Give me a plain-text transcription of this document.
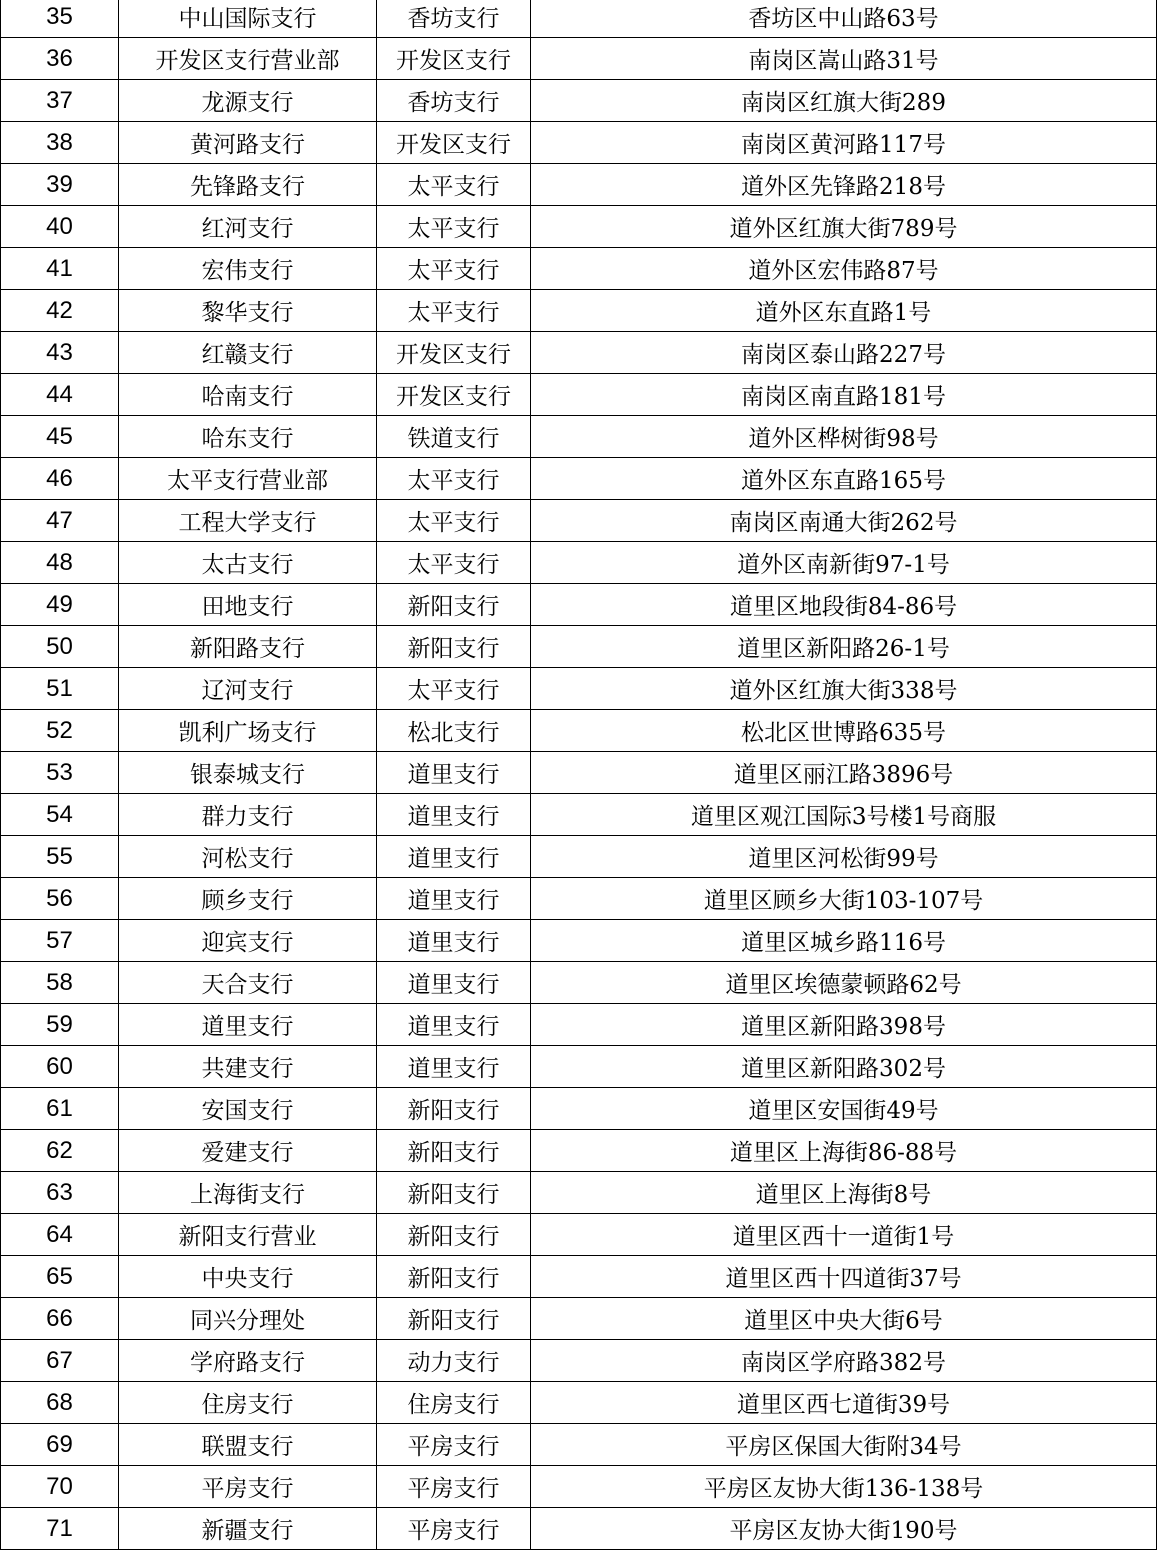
35	中山国际支行	香坊支行	香坊区中山路63号
36	开发区支行营业部	开发区支行	南岗区嵩山路31号
37	龙源支行	香坊支行	南岗区红旗大街289
38	黄河路支行	开发区支行	南岗区黄河路117号
39	先锋路支行	太平支行	道外区先锋路218号
40	红河支行	太平支行	道外区红旗大街789号
41	宏伟支行	太平支行	道外区宏伟路87号
42	黎华支行	太平支行	道外区东直路1号
43	红赣支行	开发区支行	南岗区泰山路227号
44	哈南支行	开发区支行	南岗区南直路181号
45	哈东支行	铁道支行	道外区桦树街98号
46	太平支行营业部	太平支行	道外区东直路165号
47	工程大学支行	太平支行	南岗区南通大街262号
48	太古支行	太平支行	道外区南新街97-1号
49	田地支行	新阳支行	道里区地段街84-86号
50	新阳路支行	新阳支行	道里区新阳路26-1号
51	辽河支行	太平支行	道外区红旗大街338号
52	凯利广场支行	松北支行	松北区世博路635号
53	银泰城支行	道里支行	道里区丽江路3896号
54	群力支行	道里支行	道里区观江国际3号楼1号商服
55	河松支行	道里支行	道里区河松街99号
56	顾乡支行	道里支行	道里区顾乡大街103-107号
57	迎宾支行	道里支行	道里区城乡路116号
58	天合支行	道里支行	道里区埃德蒙顿路62号
59	道里支行	道里支行	道里区新阳路398号
60	共建支行	道里支行	道里区新阳路302号
61	安国支行	新阳支行	道里区安国街49号
62	爱建支行	新阳支行	道里区上海街86-88号
63	上海街支行	新阳支行	道里区上海街8号
64	新阳支行营业	新阳支行	道里区西十一道街1号
65	中央支行	新阳支行	道里区西十四道街37号
66	同兴分理处	新阳支行	道里区中央大街6号
67	学府路支行	动力支行	南岗区学府路382号
68	住房支行	住房支行	道里区西七道街39号
69	联盟支行	平房支行	平房区保国大街附34号
70	平房支行	平房支行	平房区友协大街136-138号
71	新疆支行	平房支行	平房区友协大街190号
